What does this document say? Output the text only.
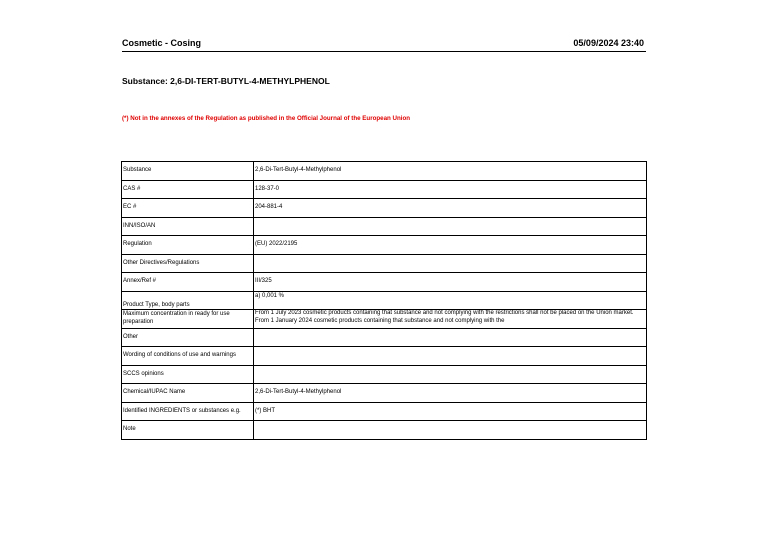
Cosmetic - Cosing	05/09/2024 23:40
Substance: 2,6-DI-TERT-BUTYL-4-METHYLPHENOL
(*) Not in the annexes of the Regulation as published in the Official Journal of the European Union
Substance	2,6-Di-Tert-Butyl-4-Methylphenol
CAS #	128-37-0
EC #	204-881-4
INN/ISO/AN	
Regulation	(EU) 2022/2195
Other Directives/Regulations	
Annex/Ref #	III/325
Product Type, body parts	a) 0,001 %
Maximum concentration in ready for use preparation	From 1 July 2023 cosmetic products containing that substance and not complying with the restrictions shall not be placed on the Union market. From 1 January 2024 cosmetic products containing that substance and not complying with the

Other	
Wording of conditions of use and warnings	
SCCS opinions	
Chemical/IUPAC Name	2,6-Di-Tert-Butyl-4-Methylphenol
Identified INGREDIENTS or substances e.g.	(*) BHT
Note	
